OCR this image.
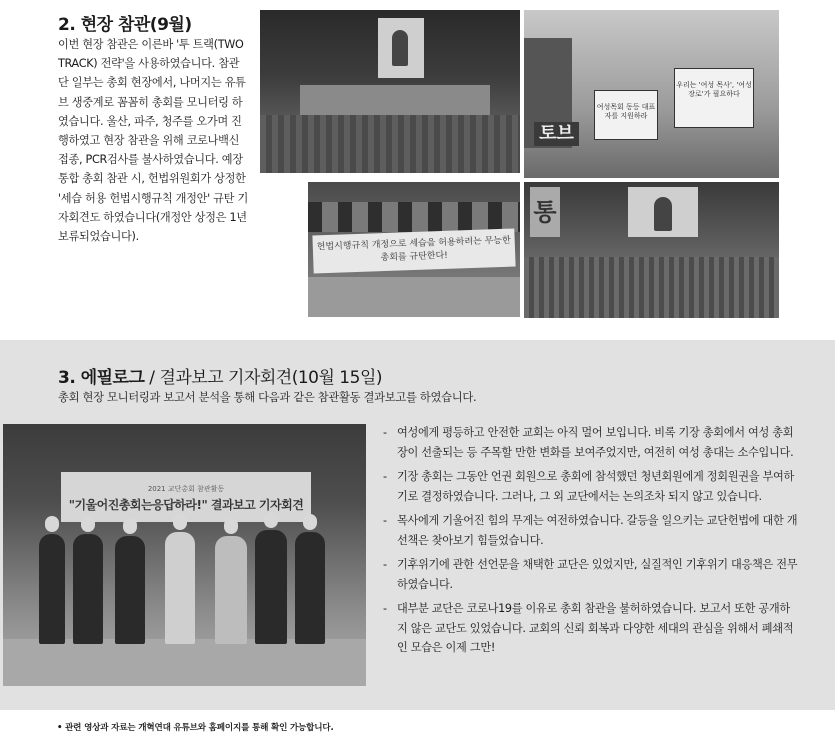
2. 현장 참관(9월)
이번 현장 참관은 이른바 '투 트랙(TWO TRACK) 전략'을 사용하였습니다. 참관단 일부는 총회 현장에서, 나머지는 유튜브 생중계로 꼼꼼히 총회를 모니터링 하였습니다. 울산, 파주, 청주를 오가며 진행하였고 현장 참관을 위해 코로나백신 접종, PCR검사를 불사하였습니다. 예장통합 총회 참관 시, 헌법위원회가 상정한 '세습 허용 헌법시행규칙 개정안' 규탄 기자회견도 하였습니다(개정안 상정은 1년 보류되었습니다).
토브
여성목회 동등 대표자를 지원하라
우리는 '여성 목사', '여성 장로'가 필요하다
헌법시행규칙 개정으로 세습을 허용하려는 무능한 총회를 규탄한다!
통
3. 에필로그 / 결과보고 기자회견(10월 15일)
총회 현장 모니터링과 보고서 분석을 통해 다음과 같은 참관활동 결과보고를 하였습니다.
2021 교단총회 참관활동
"기울어진총회는응답하라!" 결과보고 기자회견
- 여성에게 평등하고 안전한 교회는 아직 멀어 보입니다. 비록 기장 총회에서 여성 총회장이 선출되는 등 주목할 만한 변화를 보여주었지만, 여전히 여성 총대는 소수입니다.
- 기장 총회는 그동안 언권 회원으로 총회에 참석했던 청년회원에게 정회원권을 부여하기로 결정하였습니다. 그러나, 그 외 교단에서는 논의조차 되지 않고 있습니다.
- 목사에게 기울어진 힘의 무게는 여전하였습니다. 갈등을 일으키는 교단헌법에 대한 개선책은 찾아보기 힘들었습니다.
- 기후위기에 관한 선언문을 채택한 교단은 있었지만, 실질적인 기후위기 대응책은 전무 하였습니다.
- 대부분 교단은 코로나19를 이유로 총회 참관을 불허하였습니다. 보고서 또한 공개하지 않은 교단도 있었습니다. 교회의 신뢰 회복과 다양한 세대의 관심을 위해서 폐쇄적인 모습은 이제 그만!
• 관련 영상과 자료는 개혁연대 유튜브와 홈페이지를 통해 확인 가능합니다.
